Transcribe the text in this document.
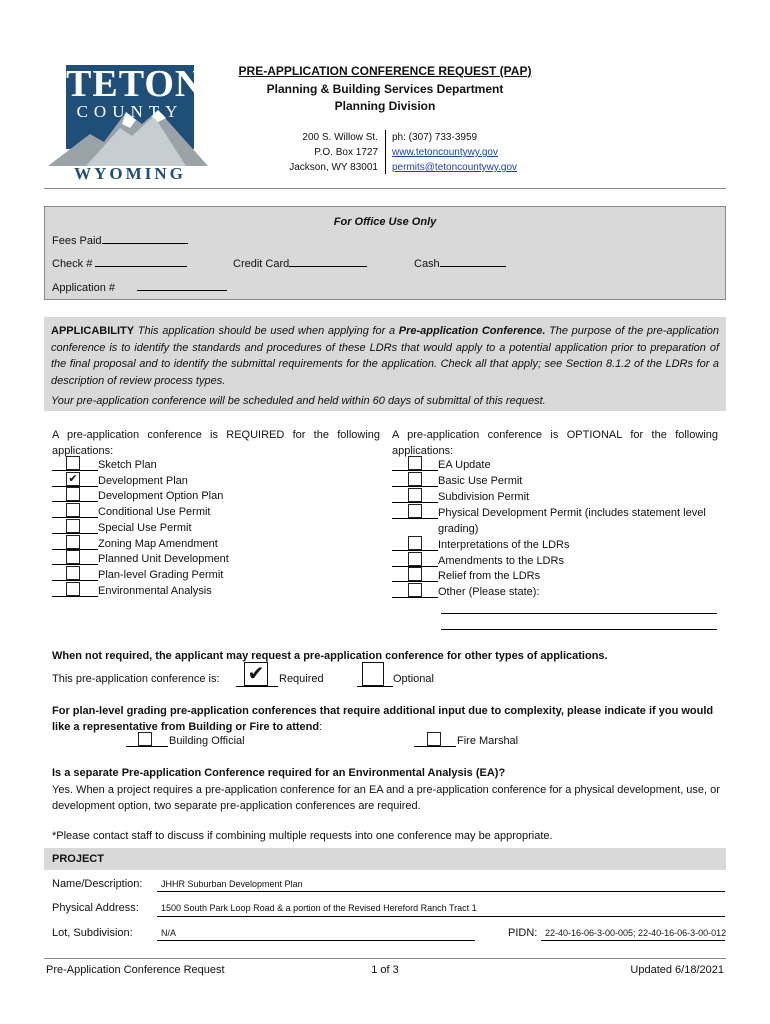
TETON
COUNTY
WYOMING
PRE-APPLICATION CONFERENCE REQUEST (PAP)
Planning & Building Services Department
Planning Division
200 S. Willow St.
P.O. Box 1727
Jackson, WY 83001
ph: (307) 733-3959
www.tetoncountywy.gov
permits@tetoncountywy.gov
For Office Use Only
Fees Paid
Check #	Credit Card	Cash
Application #
APPLICABILITY This application should be used when applying for a Pre-application Conference. The purpose of the pre-application conference is to identify the standards and procedures of these LDRs that would apply to a potential application prior to preparation of the final proposal and to identify the submittal requirements for the application. Check all that apply; see Section 8.1.2 of the LDRs for a description of review process types.
Your pre-application conference will be scheduled and held within 60 days of submittal of this request.
A pre-application conference is REQUIRED for the following applications:
Sketch Plan
Development Plan
✔
Development Option Plan
Conditional Use Permit
Special Use Permit
Zoning Map Amendment
Planned Unit Development
Plan-level Grading Permit
Environmental Analysis
A pre-application conference is OPTIONAL for the following applications:
EA Update
Basic Use Permit
Subdivision Permit
Physical Development Permit (includes statement level
grading)
Interpretations of the LDRs
Amendments to the LDRs
Relief from the LDRs
Other (Please state):
When not required, the applicant may request a pre-application conference for other types of applications.
This pre-application conference is: ✔	Required	Optional
For plan-level grading pre-application conferences that require additional input due to complexity, please indicate if you would like a representative from Building or Fire to attend:
Building Official	Fire Marshal
Is a separate Pre-application Conference required for an Environmental Analysis (EA)?
Yes. When a project requires a pre-application conference for an EA and a pre-application conference for a physical development, use, or development option, two separate pre-application conferences are required.
*Please contact staff to discuss if combining multiple requests into one conference may be appropriate.
PROJECT
Name/Description: JHHR Suburban Development Plan
Physical Address: 1500 South Park Loop Road & a portion of the Revised Hereford Ranch Tract 1
Lot, Subdivision:	N/A	PIDN: 22-40-16-06-3-00-005; 22-40-16-06-3-00-012
Pre-Application Conference Request	1 of 3	Updated 6/18/2021
